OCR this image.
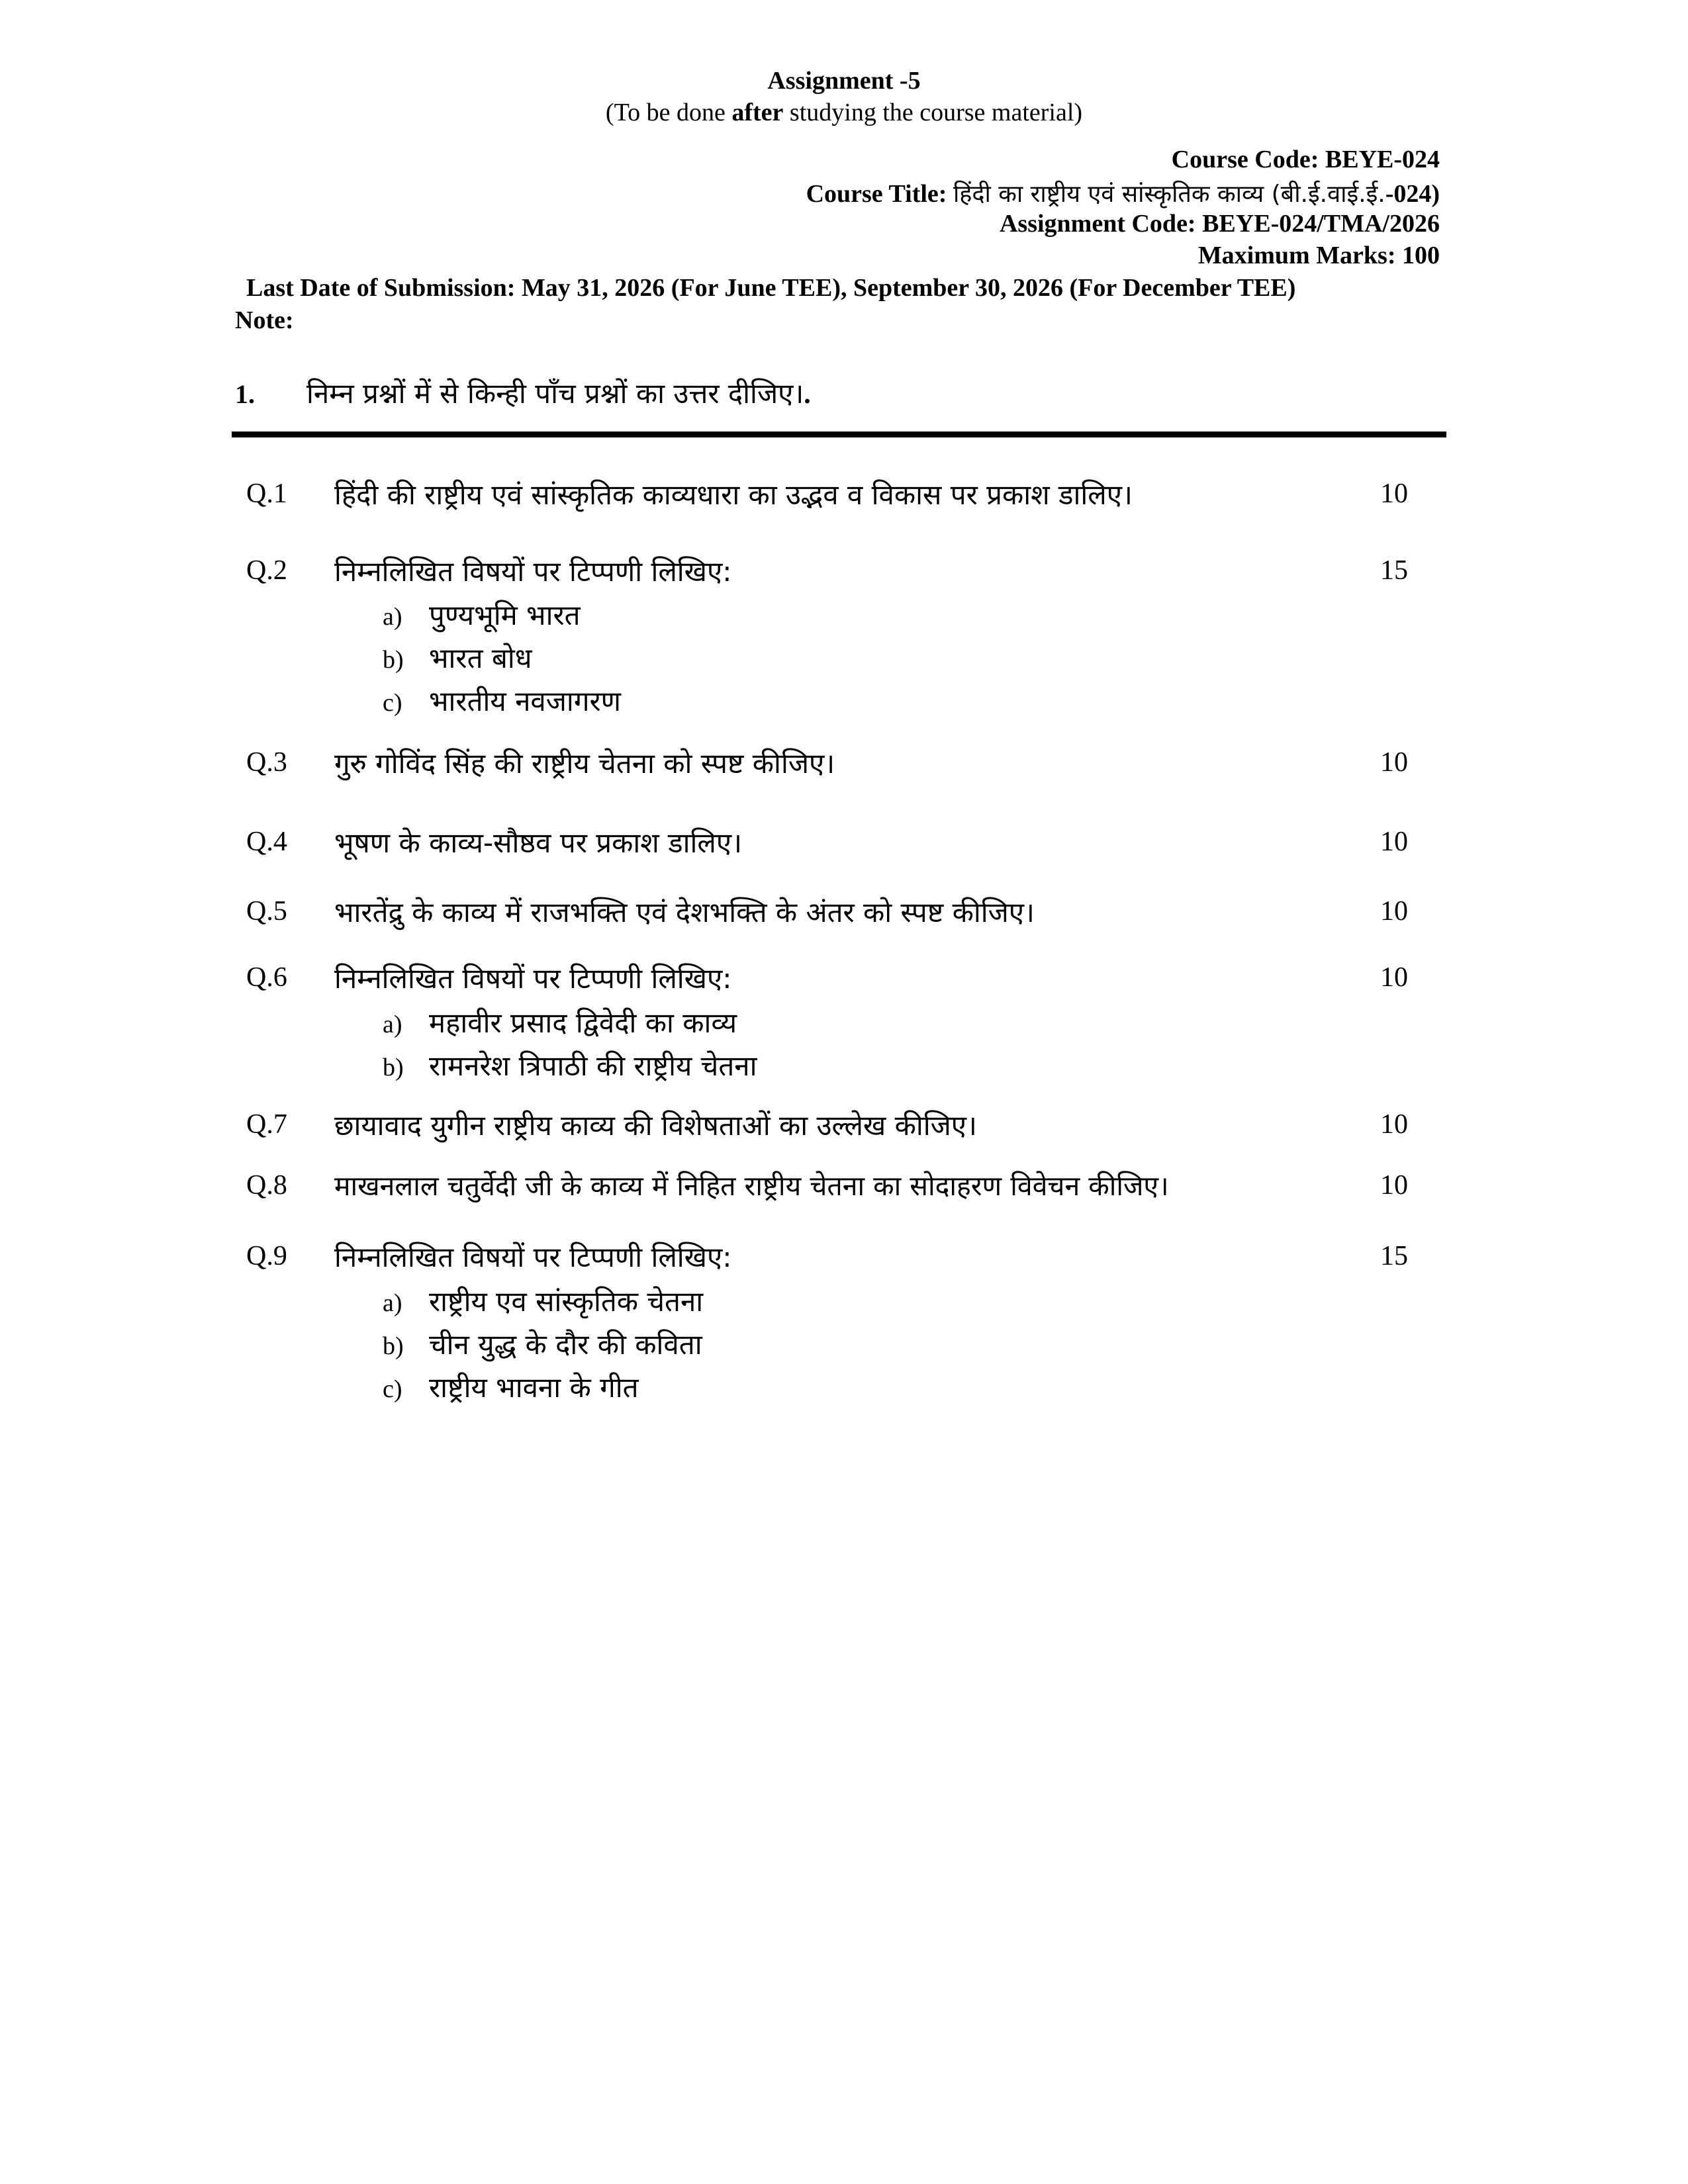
Assignment -5
(To be done after studying the course material)
Course Code: BEYE-024
Course Title: हिंदी का राष्ट्रीय एवं सांस्कृतिक काव्य (बी.ई.वाई.ई.-024)
Assignment Code: BEYE-024/TMA/2026
Maximum Marks: 100
Last Date of Submission: May 31, 2026 (For June TEE), September 30, 2026 (For December TEE)
Note:
1. निम्न प्रश्नों में से किन्ही पाँच प्रश्नों का उत्तर दीजिए।.
Q.1 हिंदी की राष्ट्रीय एवं सांस्कृतिक काव्यधारा का उद्भव व विकास पर प्रकाश डालिए।	10
Q.2 निम्नलिखित विषयों पर टिप्पणी लिखिए:	15
a) पुण्यभूमि भारत
b) भारत बोध
c) भारतीय नवजागरण
Q.3 गुरु गोविंद सिंह की राष्ट्रीय चेतना को स्पष्ट कीजिए।	10
Q.4 भूषण के काव्य-सौष्ठव पर प्रकाश डालिए।	10
Q.5 भारतेंद्रु के काव्य में राजभक्ति एवं देशभक्ति के अंतर को स्पष्ट कीजिए।	10
Q.6 निम्नलिखित विषयों पर टिप्पणी लिखिए:	10
a) महावीर प्रसाद द्विवेदी का काव्य
b) रामनरेश त्रिपाठी की राष्ट्रीय चेतना
Q.7 छायावाद युगीन राष्ट्रीय काव्य की विशेषताओं का उल्लेख कीजिए।	10
Q.8 माखनलाल चतुर्वेदी जी के काव्य में निहित राष्ट्रीय चेतना का सोदाहरण विवेचन कीजिए।	10
Q.9 निम्नलिखित विषयों पर टिप्पणी लिखिए:	15
a) राष्ट्रीय एव सांस्कृतिक चेतना
b) चीन युद्ध के दौर की कविता
c) राष्ट्रीय भावना के गीत
